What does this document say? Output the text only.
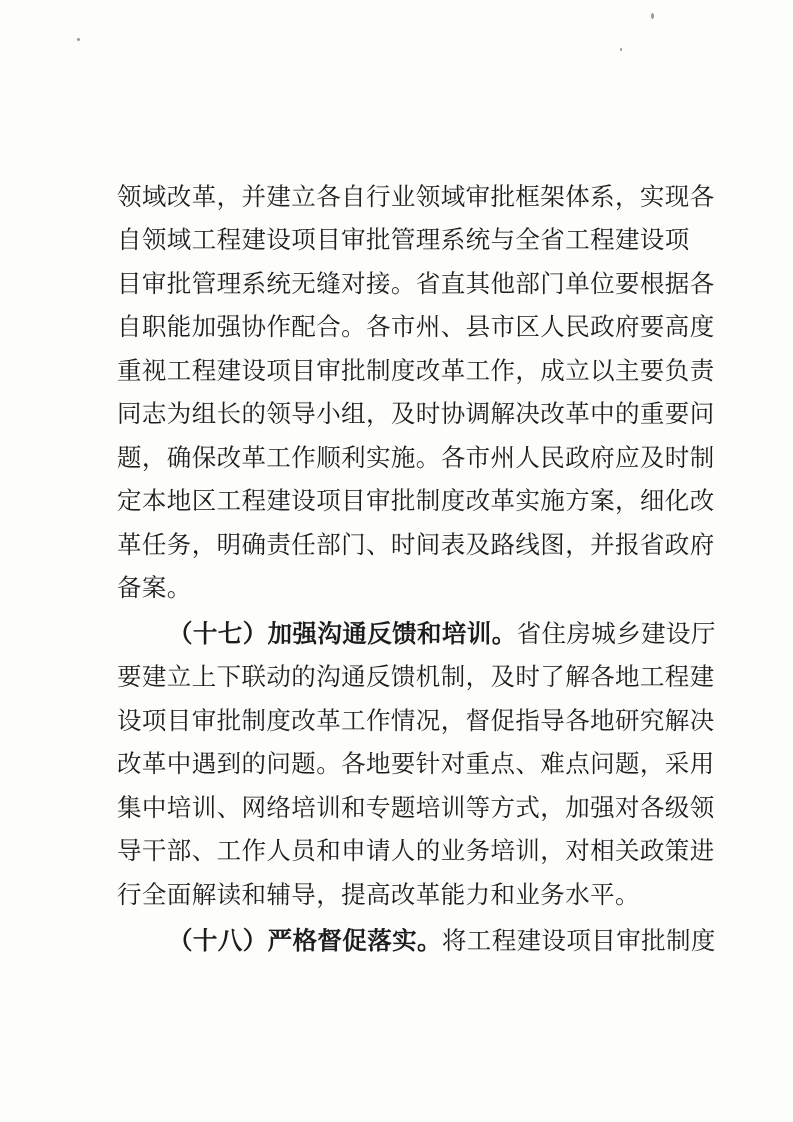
领域改革，并建立各自行业领域审批框架体系，实现各
自领域工程建设项目审批管理系统与全省工程建设项
目审批管理系统无缝对接。省直其他部门单位要根据各
自职能加强协作配合。各市州、县市区人民政府要高度
重视工程建设项目审批制度改革工作，成立以主要负责
同志为组长的领导小组，及时协调解决改革中的重要问
题，确保改革工作顺利实施。各市州人民政府应及时制
定本地区工程建设项目审批制度改革实施方案，细化改
革任务，明确责任部门、时间表及路线图，并报省政府
备案。
（十七）加强沟通反馈和培训。省住房城乡建设厅
要建立上下联动的沟通反馈机制，及时了解各地工程建
设项目审批制度改革工作情况，督促指导各地研究解决
改革中遇到的问题。各地要针对重点、难点问题，采用
集中培训、网络培训和专题培训等方式，加强对各级领
导干部、工作人员和申请人的业务培训，对相关政策进
行全面解读和辅导，提高改革能力和业务水平。
（十八）严格督促落实。将工程建设项目审批制度
